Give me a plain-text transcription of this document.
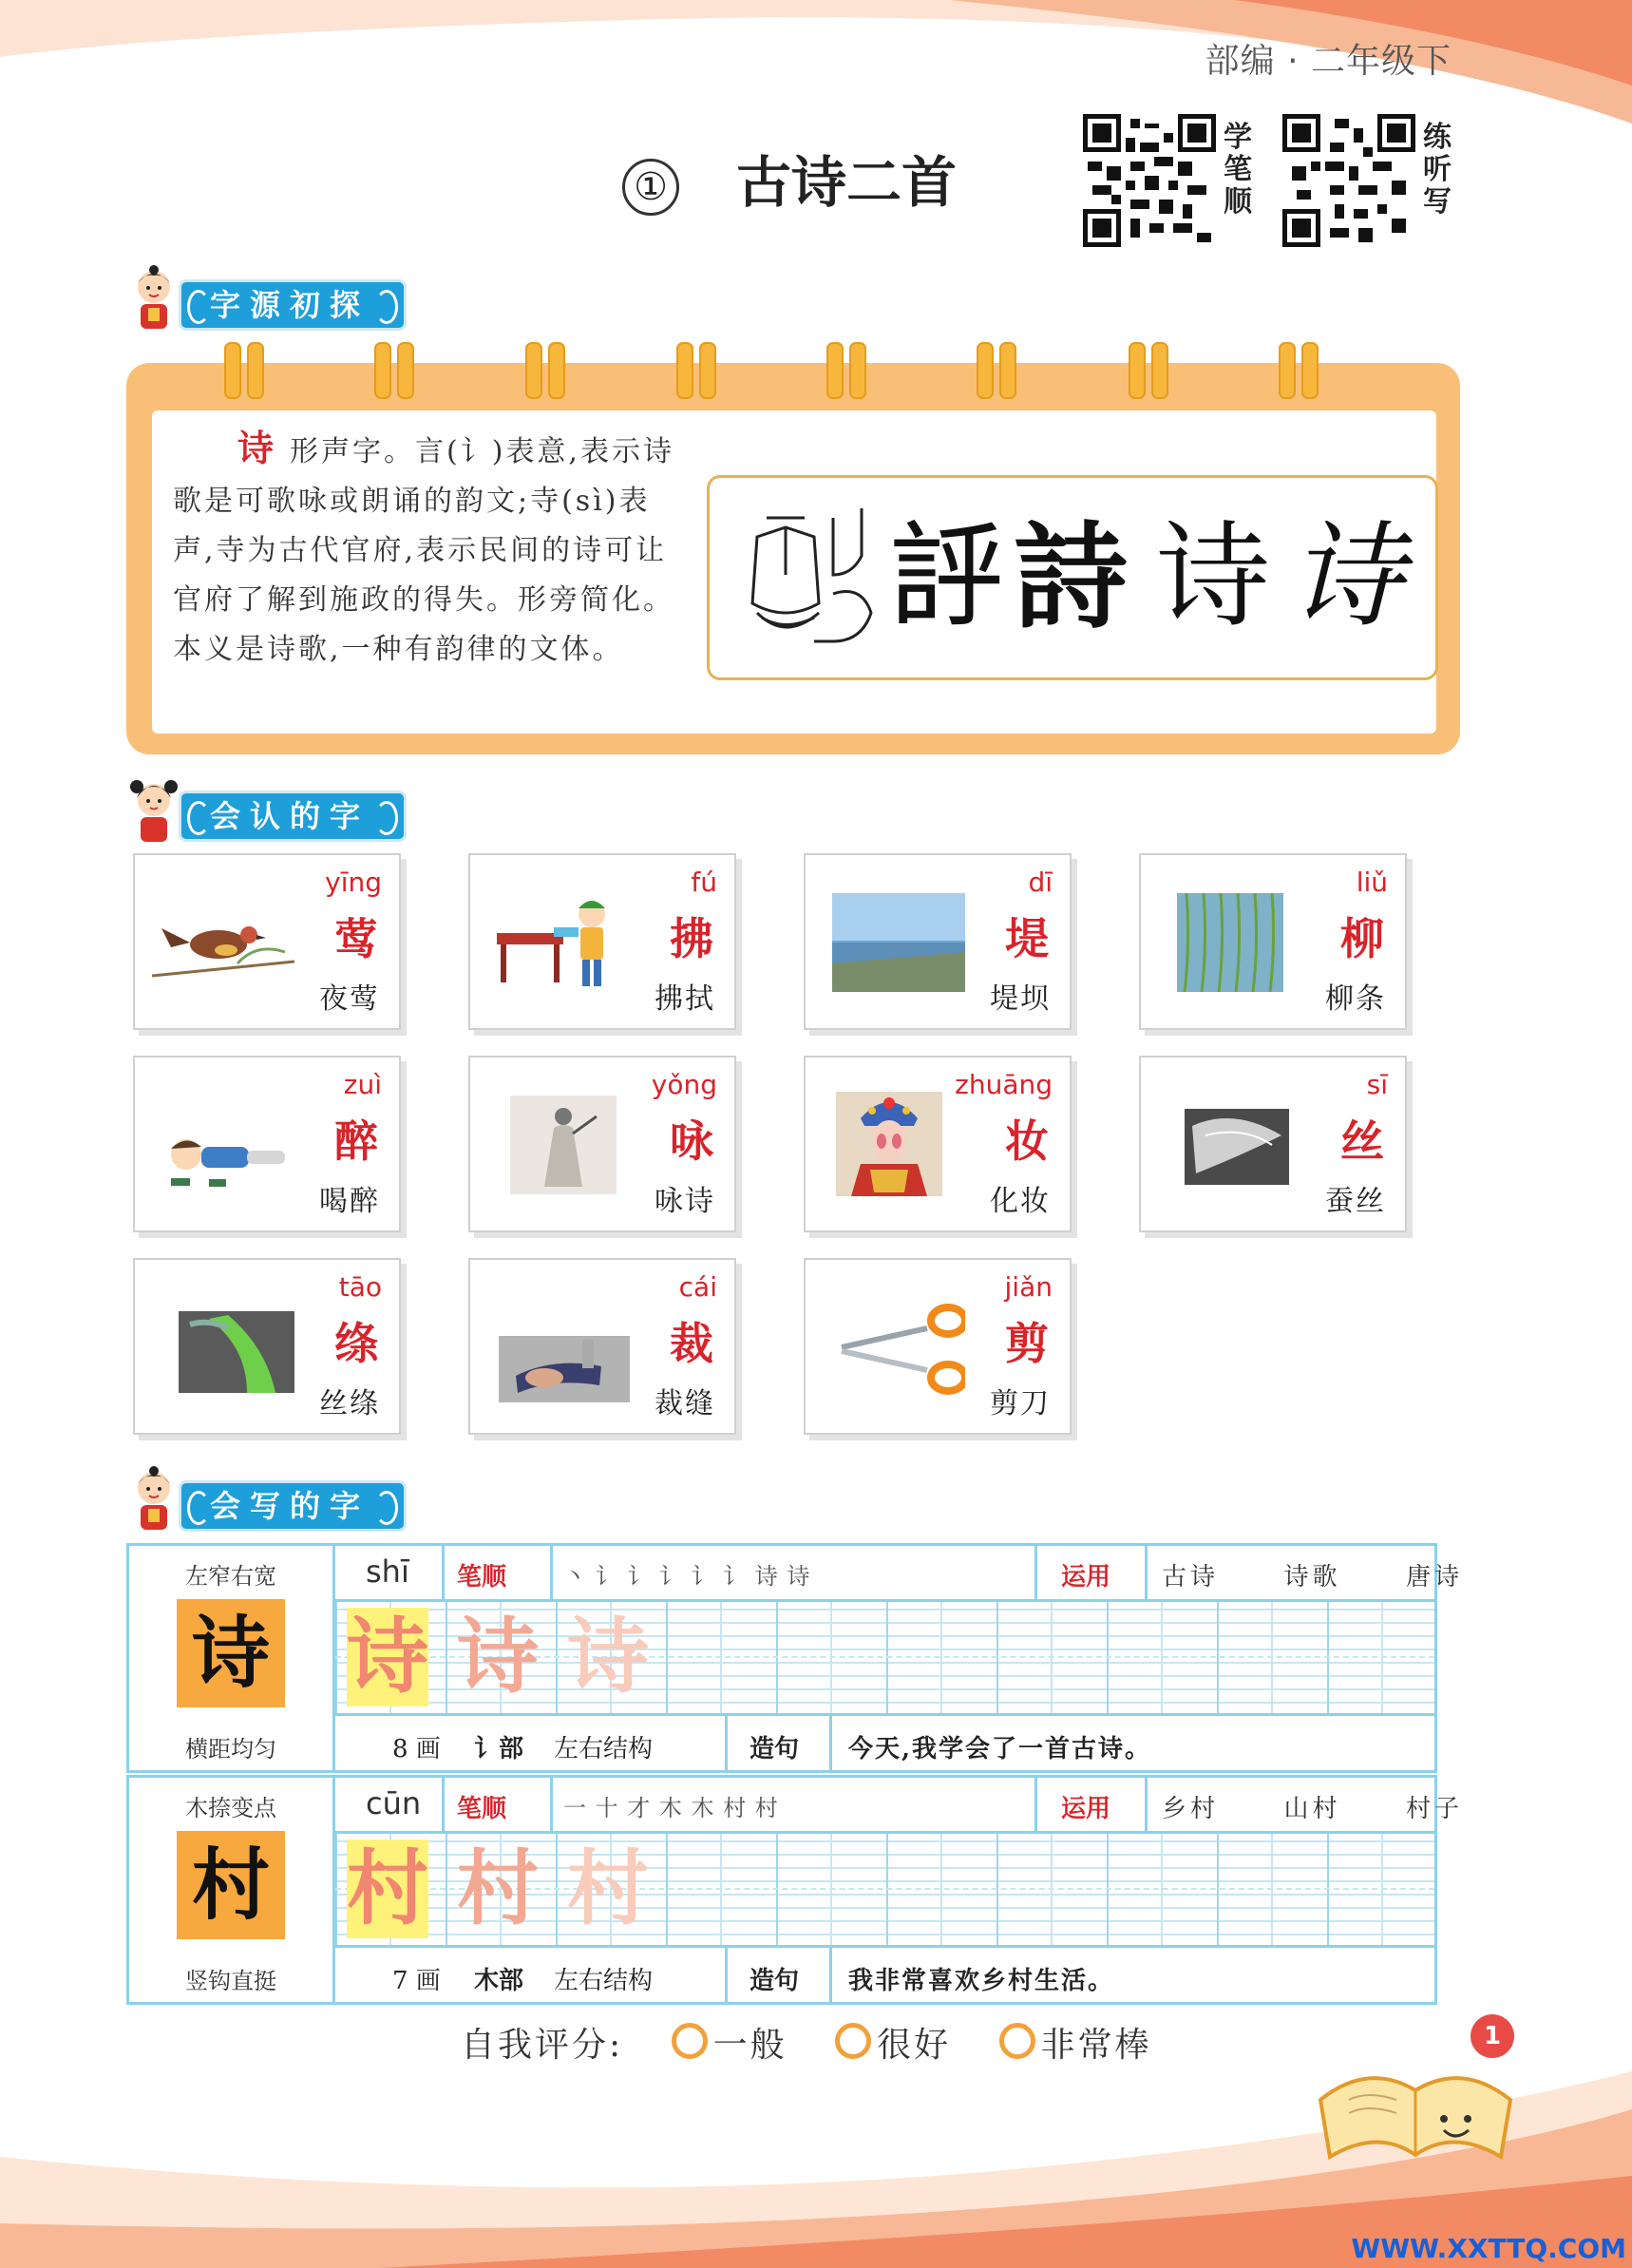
部编 · 二年级下
① 古诗二首
学笔顺
练听写
字源初探
诗 形声字。言(讠)表意,表示诗歌是可歌咏或朗诵的韵文;寺(sì)表声,寺为古代官府,表示民间的诗可让官府了解到施政的得失。形旁简化。本义是诗歌,一种有韵律的文体。
𧦝 詩 诗 诗
会认的字
yīng
莺
夜莺
fú
拂
拂拭
dī
堤
堤坝
liǔ
柳
柳条
zuì
醉
喝醉
yǒng
咏
咏诗
zhuāng
妆
化妆
sī
丝
蚕丝
tāo
绦
丝绦
cái
裁
裁缝
jiǎn
剪
剪刀
会写的字
左窄右宽
诗
横距均匀
shī 笔顺 丶 讠 讠 讠 讠 讠 诗 诗	运用 古诗  诗歌  唐诗
诗 诗 诗
8 画 讠部 左右结构	造句 今天,我学会了一首古诗。
木捺变点
村
竖钩直挺
cūn 笔顺 一 十 才 木 木 村 村	运用 乡村  山村  村子
村 村 村
7 画 木部 左右结构	造句 我非常喜欢乡村生活。
自我评分:	一般	很好	非常棒	1
WWW.XXTTQ.COM
